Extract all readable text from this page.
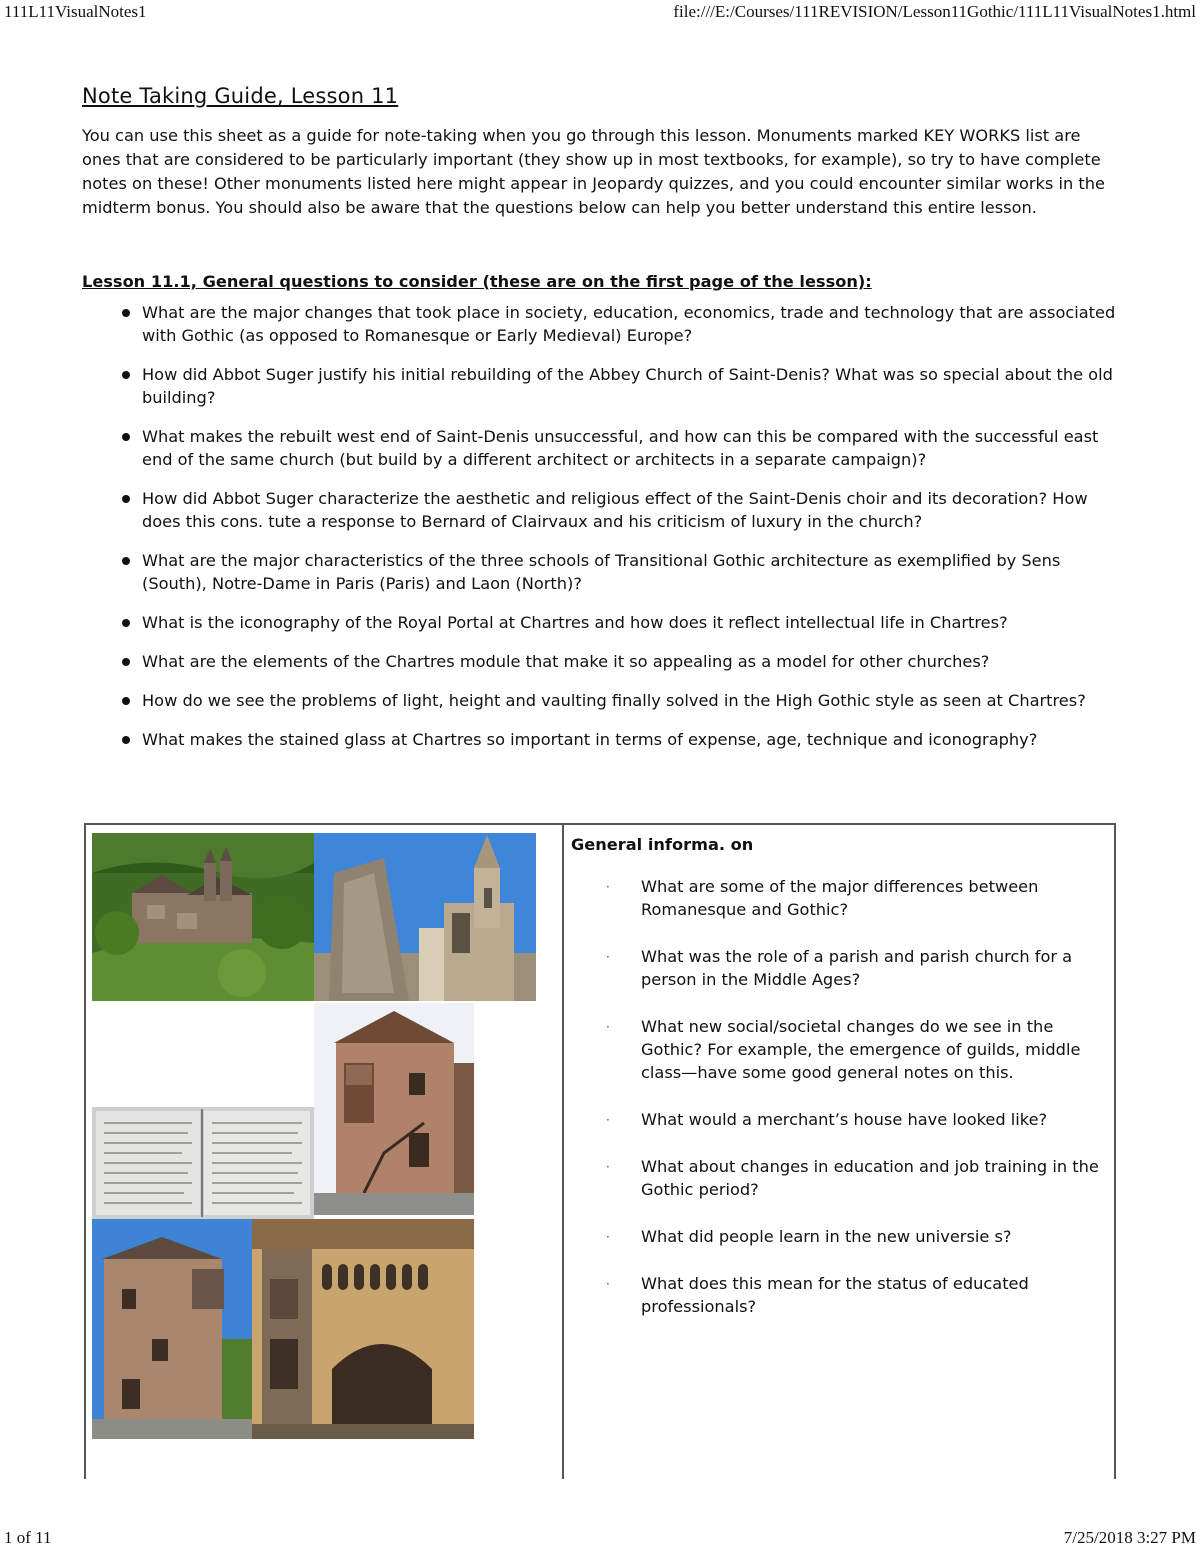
111L11VisualNotes1	file:///E:/Courses/111REVISION/Lesson11Gothic/111L11VisualNotes1.html
Note Taking Guide, Lesson 11

You can use this sheet as a guide for note-taking when you go through this lesson. Monuments marked KEY WORKS list are ones that are considered to be particularly important (they show up in most textbooks, for example), so try to have complete notes on these! Other monuments listed here might appear in Jeopardy quizzes, and you could encounter similar works in the midterm bonus. You should also be aware that the questions below can help you better understand this entire lesson.

Lesson 11.1, General questions to consider (these are on the first page of the lesson):
What are the major changes that took place in society, education, economics, trade and technology that are associated with Gothic (as opposed to Romanesque or Early Medieval) Europe?
How did Abbot Suger justify his initial rebuilding of the Abbey Church of Saint-Denis? What was so special about the old building?
What makes the rebuilt west end of Saint-Denis unsuccessful, and how can this be compared with the successful east end of the same church (but build by a different architect or architects in a separate campaign)?
How did Abbot Suger characterize the aesthetic and religious effect of the Saint-Denis choir and its decoration? How does this cons. tute a response to Bernard of Clairvaux and his criticism of luxury in the church?
What are the major characteristics of the three schools of Transitional Gothic architecture as exemplified by Sens (South), Notre-Dame in Paris (Paris) and Laon (North)?
What is the iconography of the Royal Portal at Chartres and how does it reflect intellectual life in Chartres?
What are the elements of the Chartres module that make it so appealing as a model for other churches?
How do we see the problems of light, height and vaulting finally solved in the High Gothic style as seen at Chartres?
What makes the stained glass at Chartres so important in terms of expense, age, technique and iconography?
General informa. on
· What are some of the major differences between Romanesque and Gothic?
· What was the role of a parish and parish church for a person in the Middle Ages?
· What new social/societal changes do we see in the Gothic? For example, the emergence of guilds, middle class—have some good general notes on this.
· What would a merchant’s house have looked like?
· What about changes in education and job training in the Gothic period?
· What did people learn in the new universie s?
· What does this mean for the status of educated professionals?
1 of 11	7/25/2018 3:27 PM
